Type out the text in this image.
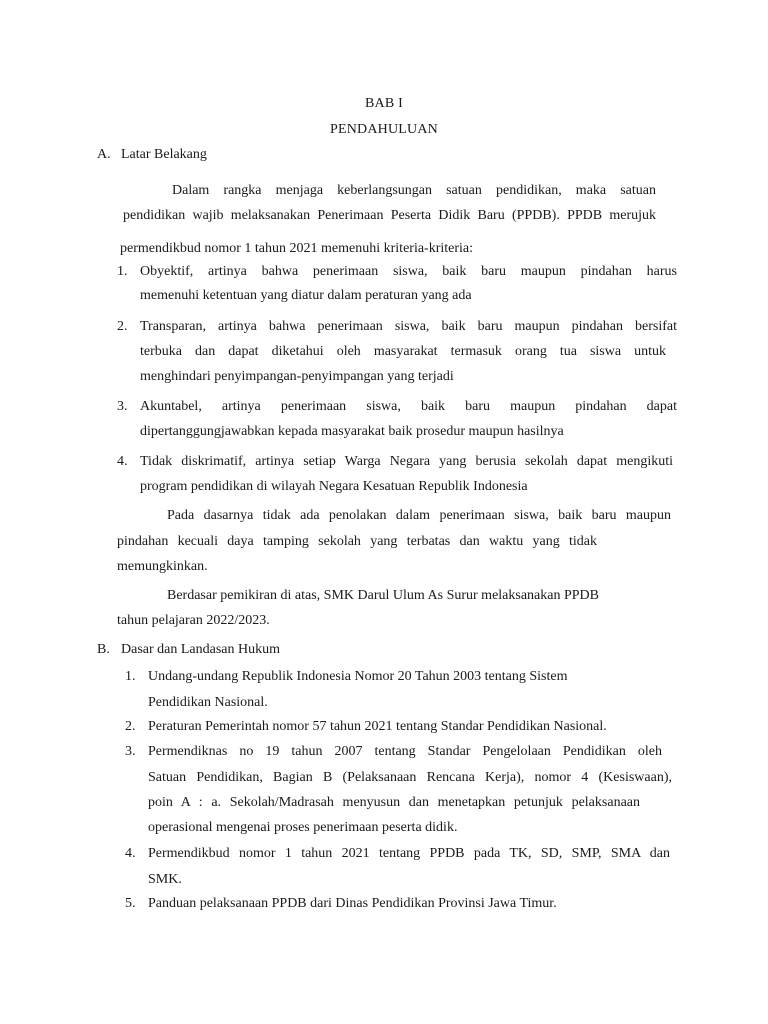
BAB I
PENDAHULUAN
A. Latar Belakang
Dalam rangka menjaga keberlangsungan satuan pendidikan, maka satuan
pendidikan wajib melaksanakan Penerimaan Peserta Didik Baru (PPDB). PPDB merujuk
permendikbud nomor 1 tahun 2021 memenuhi kriteria-kriteria:
1. Obyektif, artinya bahwa penerimaan siswa, baik baru maupun pindahan harus
memenuhi ketentuan yang diatur dalam peraturan yang ada
2. Transparan, artinya bahwa penerimaan siswa, baik baru maupun pindahan bersifat
terbuka dan dapat diketahui oleh masyarakat termasuk orang tua siswa untuk
menghindari penyimpangan-penyimpangan yang terjadi
3. Akuntabel, artinya penerimaan siswa, baik baru maupun pindahan dapat
dipertanggungjawabkan kepada masyarakat baik prosedur maupun hasilnya
4. Tidak diskrimatif, artinya setiap Warga Negara yang berusia sekolah dapat mengikuti
program pendidikan di wilayah Negara Kesatuan Republik Indonesia
Pada dasarnya tidak ada penolakan dalam penerimaan siswa, baik baru maupun
pindahan kecuali daya tamping sekolah yang terbatas dan waktu yang tidak
memungkinkan.
Berdasar pemikiran di atas, SMK Darul Ulum As Surur melaksanakan PPDB
tahun pelajaran 2022/2023.
B. Dasar dan Landasan Hukum
1. Undang-undang Republik Indonesia Nomor 20 Tahun 2003 tentang Sistem
Pendidikan Nasional.
2. Peraturan Pemerintah nomor 57 tahun 2021 tentang Standar Pendidikan Nasional.
3. Permendiknas no 19 tahun 2007 tentang Standar Pengelolaan Pendidikan oleh
Satuan Pendidikan, Bagian B (Pelaksanaan Rencana Kerja), nomor 4 (Kesiswaan),
poin A : a. Sekolah/Madrasah menyusun dan menetapkan petunjuk pelaksanaan
operasional mengenai proses penerimaan peserta didik.
4. Permendikbud nomor 1 tahun 2021 tentang PPDB pada TK, SD, SMP, SMA dan
SMK.
5. Panduan pelaksanaan PPDB dari Dinas Pendidikan Provinsi Jawa Timur.
